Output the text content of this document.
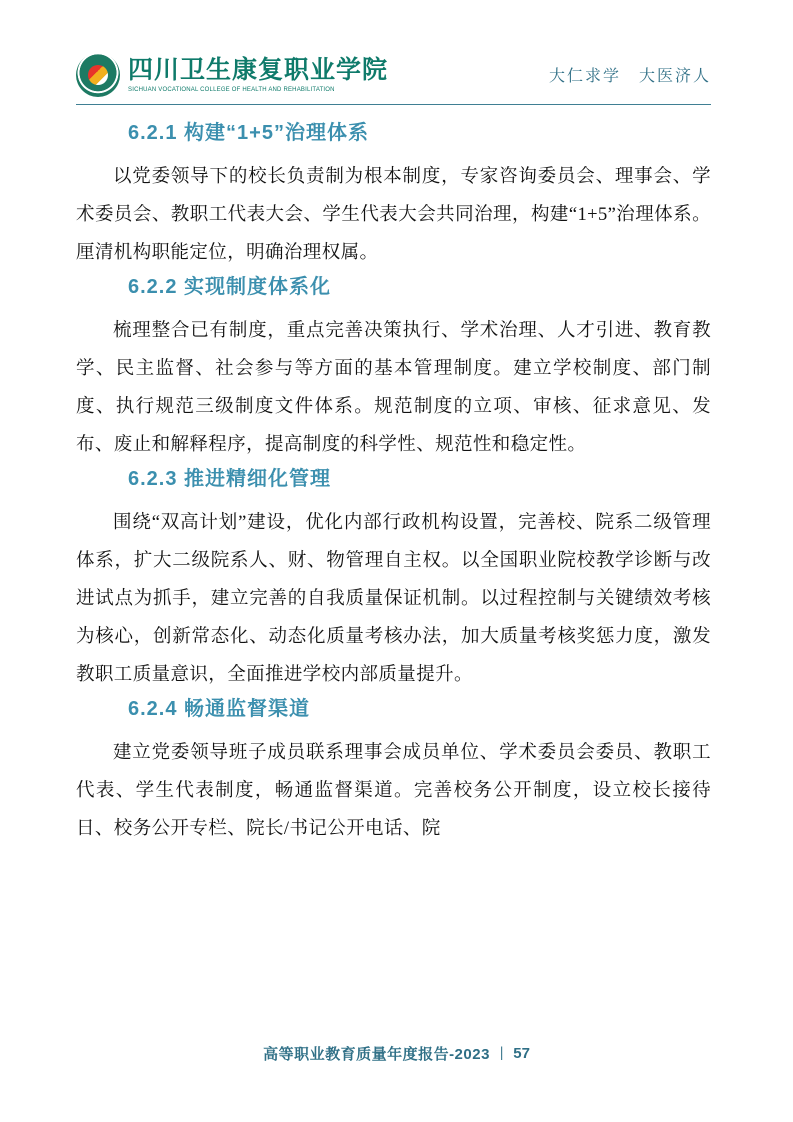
四川卫生康复职业学院
SICHUAN VOCATIONAL COLLEGE OF HEALTH AND REHABILITATION
大仁求学　大医济人
6.2.1 构建“1+5”治理体系

以党委领导下的校长负责制为根本制度，专家咨询委员会、理事会、学术委员会、教职工代表大会、学生代表大会共同治理，构建“1+5”治理体系。厘清机构职能定位，明确治理权属。

6.2.2 实现制度体系化

梳理整合已有制度，重点完善决策执行、学术治理、人才引进、教育教学、民主监督、社会参与等方面的基本管理制度。建立学校制度、部门制度、执行规范三级制度文件体系。规范制度的立项、审核、征求意见、发布、废止和解释程序，提高制度的科学性、规范性和稳定性。

6.2.3 推进精细化管理

围绕“双高计划”建设，优化内部行政机构设置，完善校、院系二级管理体系，扩大二级院系人、财、物管理自主权。以全国职业院校教学诊断与改进试点为抓手，建立完善的自我质量保证机制。以过程控制与关键绩效考核为核心，创新常态化、动态化质量考核办法，加大质量考核奖惩力度，激发教职工质量意识，全面推进学校内部质量提升。

6.2.4 畅通监督渠道

建立党委领导班子成员联系理事会成员单位、学术委员会委员、教职工代表、学生代表制度，畅通监督渠道。完善校务公开制度，设立校长接待日、校务公开专栏、院长/书记公开电话、院

高等职业教育质量年度报告-2023 | 57
